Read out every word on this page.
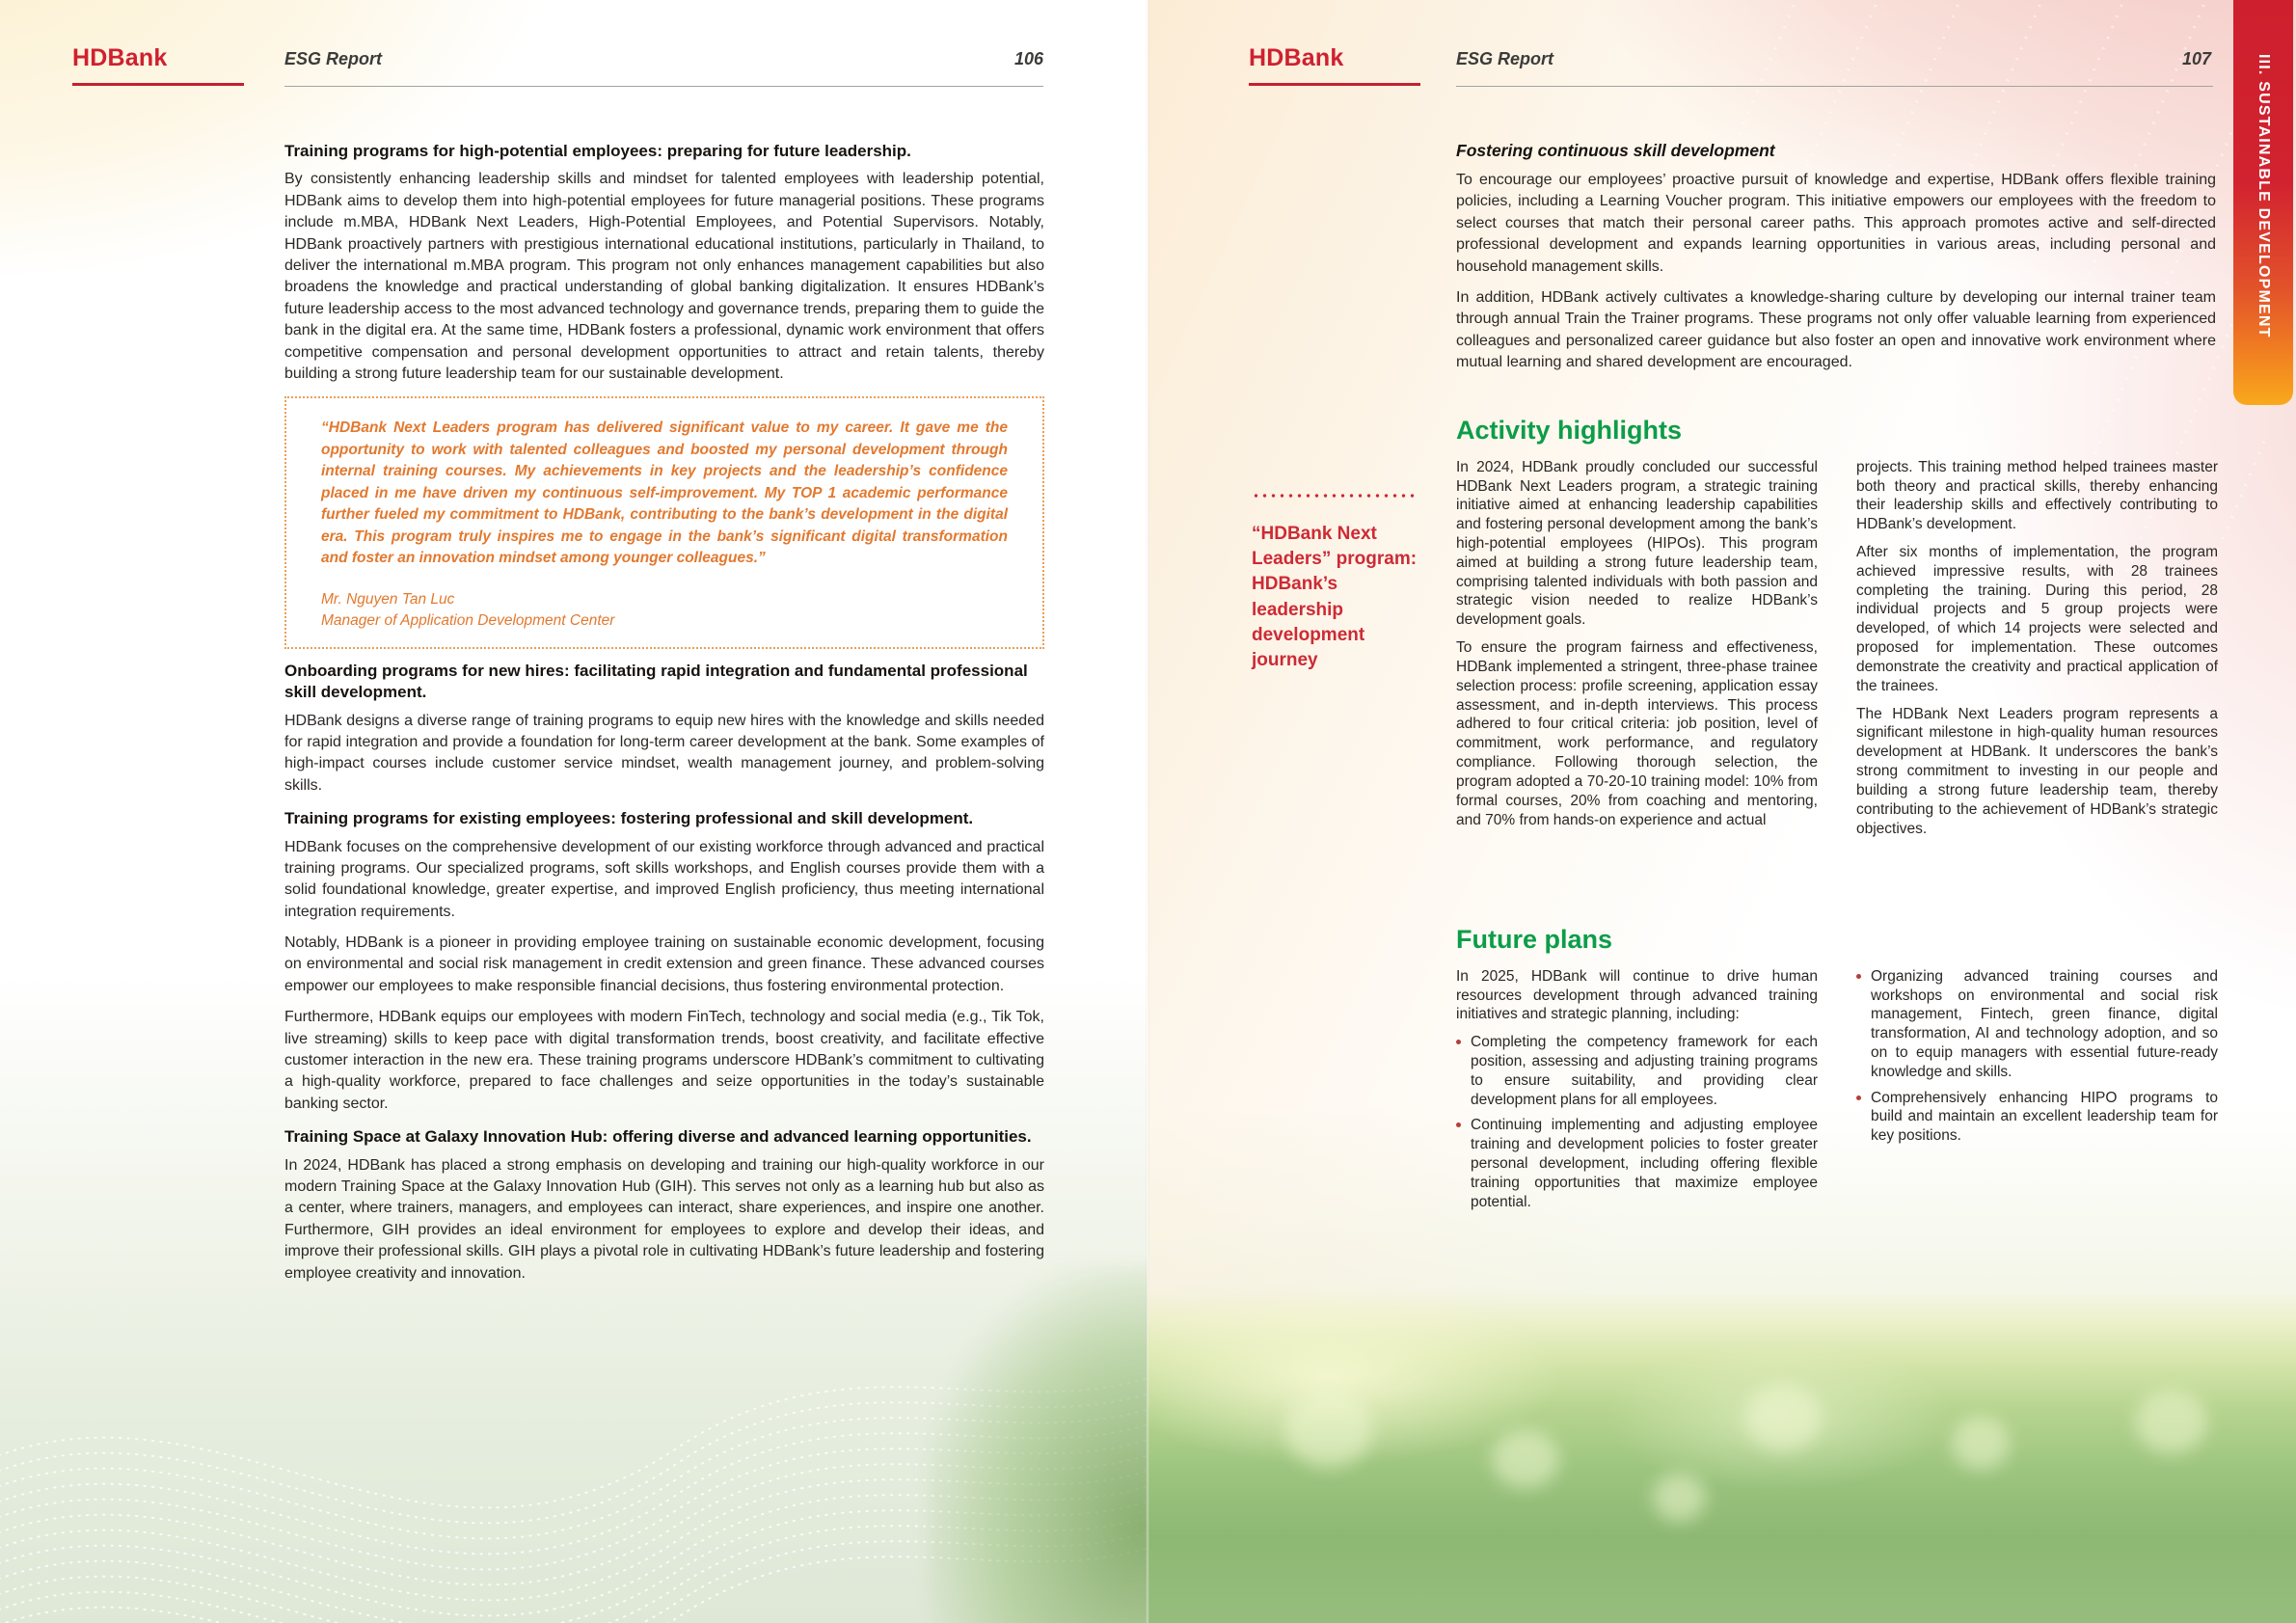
HDBank	ESG Report	106
Training programs for high-potential employees: preparing for future leadership.

By consistently enhancing leadership skills and mindset for talented employees with leadership potential, HDBank aims to develop them into high-potential employees for future managerial positions. These programs include m.MBA, HDBank Next Leaders, High-Potential Employees, and Potential Supervisors. Notably, HDBank proactively partners with prestigious international educational institutions, particularly in Thailand, to deliver the international m.MBA program. This program not only enhances management capabilities but also broadens the knowledge and practical understanding of global banking digitalization. It ensures HDBank’s future leadership access to the most advanced technology and governance trends, preparing them to guide the bank in the digital era. At the same time, HDBank fosters a professional, dynamic work environment that offers competitive compensation and personal development opportunities to attract and retain talents, thereby building a strong future leadership team for our sustainable development.

“HDBank Next Leaders program has delivered significant value to my career. It gave me the opportunity to work with talented colleagues and boosted my personal development through internal training courses. My achievements in key projects and the leadership’s confidence placed in me have driven my continuous self-improvement. My TOP 1 academic performance further fueled my commitment to HDBank, contributing to the bank’s development in the digital era. This program truly inspires me to engage in the bank’s significant digital transformation and foster an innovation mindset among younger colleagues.”

Mr. Nguyen Tan Luc
Manager of Application Development Center
Onboarding programs for new hires: facilitating rapid integration and fundamental professional skill development.

HDBank designs a diverse range of training programs to equip new hires with the knowledge and skills needed for rapid integration and provide a foundation for long-term career development at the bank. Some examples of high-impact courses include customer service mindset, wealth management journey, and problem-solving skills.

Training programs for existing employees: fostering professional and skill development.

HDBank focuses on the comprehensive development of our existing workforce through advanced and practical training programs. Our specialized programs, soft skills workshops, and English courses provide them with a solid foundational knowledge, greater expertise, and improved English proficiency, thus meeting international integration requirements.

Notably, HDBank is a pioneer in providing employee training on sustainable economic development, focusing on environmental and social risk management in credit extension and green finance. These advanced courses empower our employees to make responsible financial decisions, thus fostering environmental protection.

Furthermore, HDBank equips our employees with modern FinTech, technology and social media (e.g., Tik Tok, live streaming) skills to keep pace with digital transformation trends, boost creativity, and facilitate effective customer interaction in the new era. These training programs underscore HDBank’s commitment to cultivating a high-quality workforce, prepared to face challenges and seize opportunities in the today’s sustainable banking sector.

Training Space at Galaxy Innovation Hub: offering diverse and advanced learning opportunities.

In 2024, HDBank has placed a strong emphasis on developing and training our high-quality workforce in our modern Training Space at the Galaxy Innovation Hub (GIH). This serves not only as a learning hub but also as a center, where trainers, managers, and employees can interact, share experiences, and inspire one another. Furthermore, GIH provides an ideal environment for employees to explore and develop their ideas, and improve their professional skills. GIH plays a pivotal role in cultivating HDBank’s future leadership and fostering employee creativity and innovation.

III. SUSTAINABLE DEVELOPMENT
HDBank	ESG Report	107
Fostering continuous skill development

To encourage our employees’ proactive pursuit of knowledge and expertise, HDBank offers flexible training policies, including a Learning Voucher program. This initiative empowers our employees with the freedom to select courses that match their personal career paths. This approach promotes active and self-directed professional development and expands learning opportunities in various areas, including personal and household management skills.

In addition, HDBank actively cultivates a knowledge-sharing culture by developing our internal trainer team through annual Train the Trainer programs. These programs not only offer valuable learning from experienced colleagues and personalized career guidance but also foster an open and innovative work environment where mutual learning and shared development are encouraged.

“HDBank Next Leaders” program: HDBank’s leadership development journey
Activity highlights

In 2024, HDBank proudly concluded our successful HDBank Next Leaders program, a strategic training initiative aimed at enhancing leadership capabilities and fostering personal development among the bank’s high-potential employees (HIPOs). This program aimed at building a strong future leadership team, comprising talented individuals with both passion and strategic vision needed to realize HDBank’s development goals.

To ensure the program fairness and effectiveness, HDBank implemented a stringent, three-phase trainee selection process: profile screening, application essay assessment, and in-depth interviews. This process adhered to four critical criteria: job position, level of commitment, work performance, and regulatory compliance. Following thorough selection, the program adopted a 70-20-10 training model: 10% from formal courses, 20% from coaching and mentoring, and 70% from hands-on experience and actual

projects. This training method helped trainees master both theory and practical skills, thereby enhancing their leadership skills and effectively contributing to HDBank’s development.

After six months of implementation, the program achieved impressive results, with 28 trainees completing the training. During this period, 28 individual projects and 5 group projects were developed, of which 14 projects were selected and proposed for implementation. These outcomes demonstrate the creativity and practical application of the trainees.

The HDBank Next Leaders program represents a significant milestone in high-quality human resources development at HDBank. It underscores the bank’s strong commitment to investing in our people and building a strong future leadership team, thereby contributing to the achievement of HDBank’s strategic objectives.

Future plans

In 2025, HDBank will continue to drive human resources development through advanced training initiatives and strategic planning, including:

Completing the competency framework for each position, assessing and adjusting training programs to ensure suitability, and providing clear development plans for all employees.

Continuing implementing and adjusting employee training and development policies to foster greater personal development, including offering flexible training opportunities that maximize employee potential.

Organizing advanced training courses and workshops on environmental and social risk management, Fintech, green finance, digital transformation, AI and technology adoption, and so on to equip managers with essential future-ready knowledge and skills.

Comprehensively enhancing HIPO programs to build and maintain an excellent leadership team for key positions.
